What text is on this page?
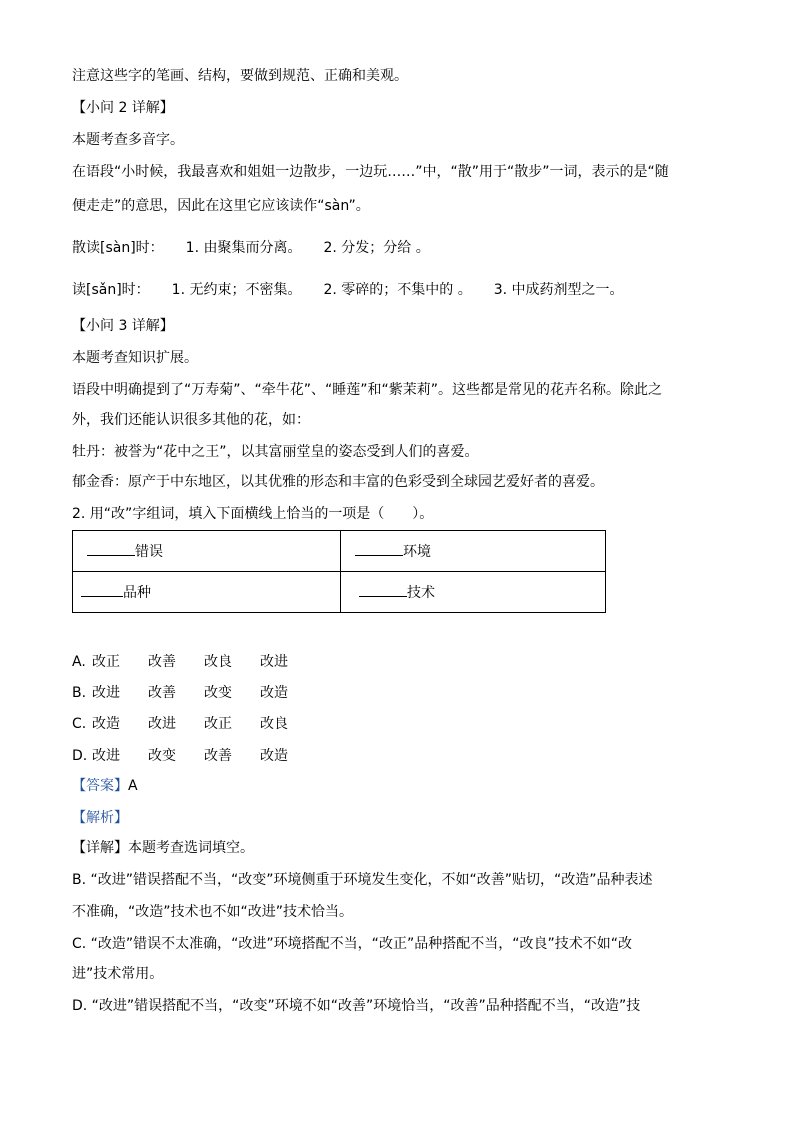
注意这些字的笔画、结构，要做到规范、正确和美观。
【小问 2 详解】
本题考查多音字。
在语段“小时候，我最喜欢和姐姐一边散步，一边玩……”中，“散”用于“散步”一词，表示的是“随
便走走”的意思，因此在这里它应该读作“sàn”。
散读[sàn]时： 1. 由聚集而分离。 2. 分发；分给 。
读[sǎn]时： 1. 无约束；不密集。 2. 零碎的；不集中的 。 3. 中成药剂型之一。
【小问 3 详解】
本题考查知识扩展。
语段中明确提到了“万寿菊”、“牵牛花”、“睡莲”和“紫茉莉”。这些都是常见的花卉名称。除此之
外，我们还能认识很多其他的花，如：
牡丹：被誉为“花中之王”，以其富丽堂皇的姿态受到人们的喜爱。
郁金香：原产于中东地区，以其优雅的形态和丰富的色彩受到全球园艺爱好者的喜爱。
2. 用“改”字组词，填入下面横线上恰当的一项是（　　）。
错误	环境
品种	技术
A. 改正 改善 改良 改进
B. 改进 改善 改变 改造
C. 改造 改进 改正 改良
D. 改进 改变 改善 改造
【答案】A
【解析】
【详解】本题考查选词填空。
B. “改进”错误搭配不当，“改变”环境侧重于环境发生变化，不如“改善”贴切，“改造”品种表述
不准确，“改造”技术也不如“改进”技术恰当。
C. “改造”错误不太准确，“改进”环境搭配不当，“改正”品种搭配不当，“改良”技术不如“改
进”技术常用。
D. “改进”错误搭配不当，“改变”环境不如“改善”环境恰当，“改善”品种搭配不当，“改造”技
